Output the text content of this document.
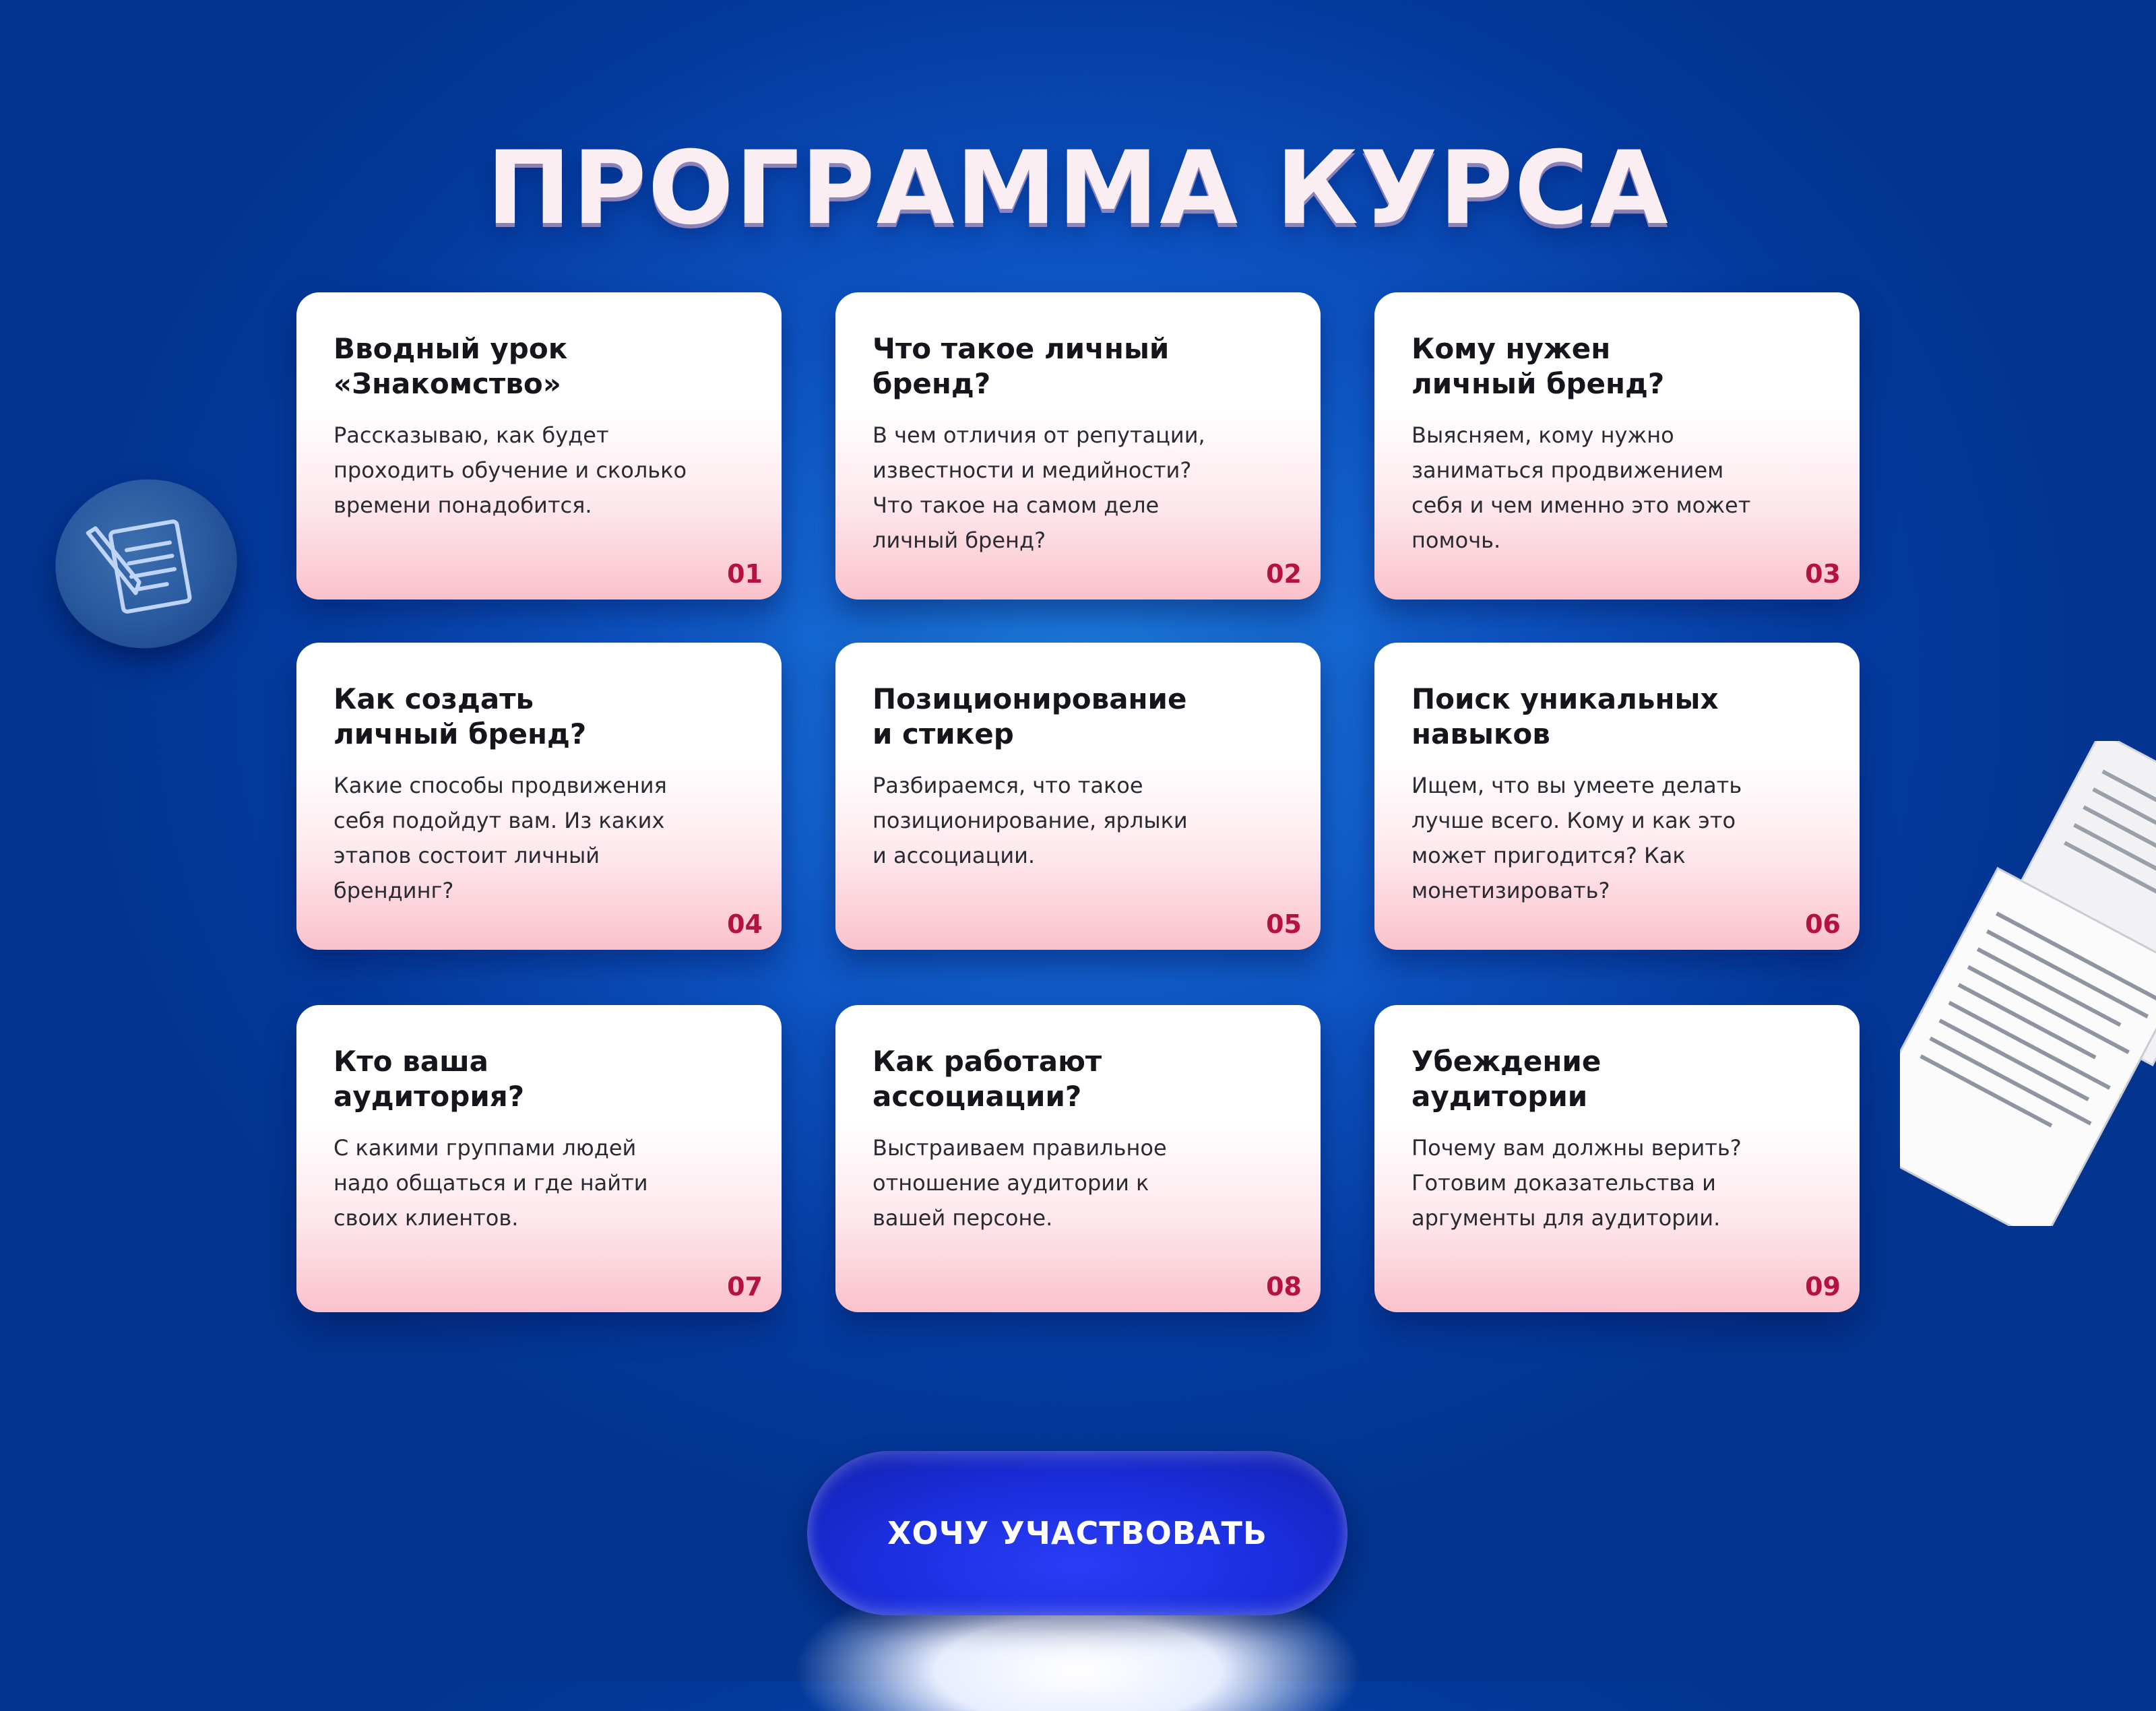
ПРОГРАММА КУРСА
Вводный урок
«Знакомство»

Рассказываю, как будет
проходить обучение и сколько
времени понадобится.

01
Что такое личный
бренд?

В чем отличия от репутации,
известности и медийности?
Что такое на самом деле
личный бренд?

02
Кому нужен
личный бренд?

Выясняем, кому нужно
заниматься продвижением
себя и чем именно это может
помочь.

03
Как создать
личный бренд?

Какие способы продвижения
себя подойдут вам. Из каких
этапов состоит личный
брендинг?

04
Позиционирование
и стикер

Разбираемся, что такое
позиционирование, ярлыки
и ассоциации.

05
Поиск уникальных
навыков

Ищем, что вы умеете делать
лучше всего. Кому и как это
может пригодится? Как
монетизировать?

06
Кто ваша
аудитория?

С какими группами людей
надо общаться и где найти
своих клиентов.

07
Как работают
ассоциации?

Выстраиваем правильное
отношение аудитории к
вашей персоне.

08
Убеждение
аудитории

Почему вам должны верить?
Готовим доказательства и
аргументы для аудитории.

09
ХОЧУ УЧАСТВОВАТЬ
